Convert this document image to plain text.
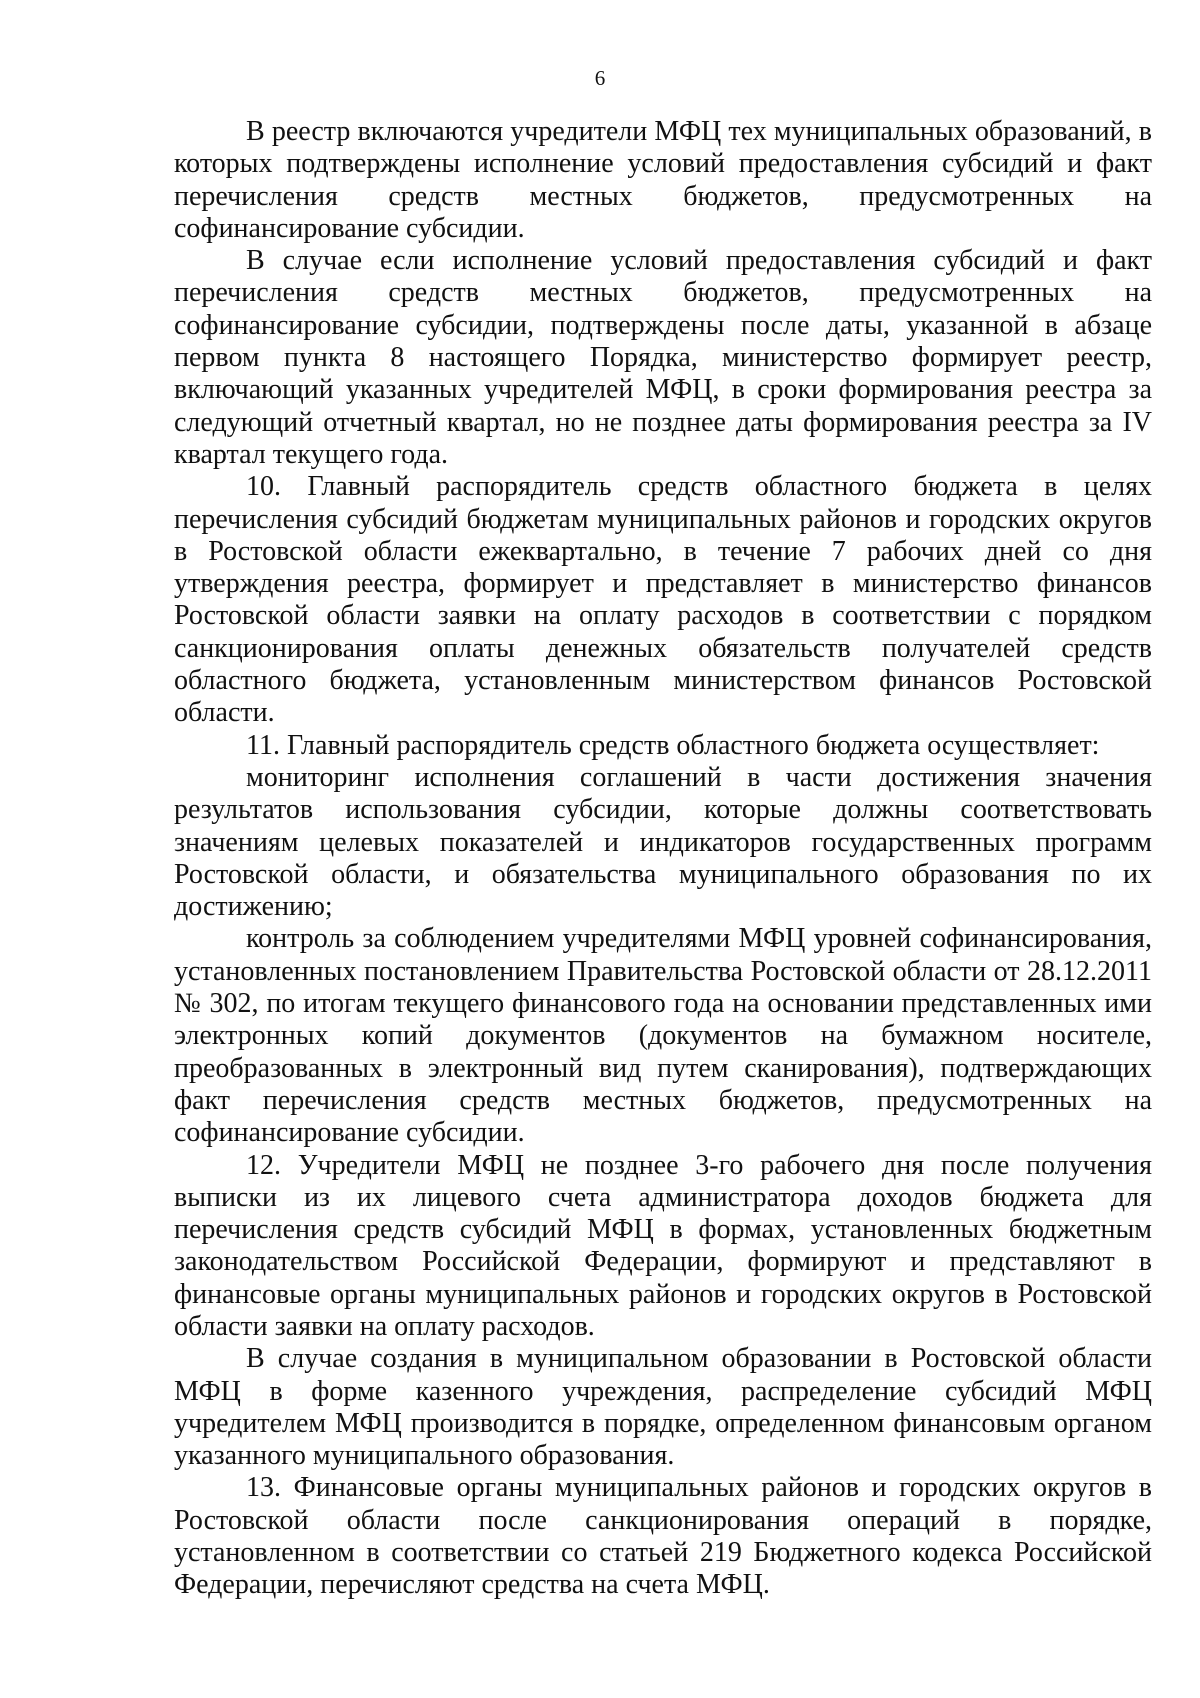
6

В реестр включаются учредители МФЦ тех муниципальных образований, в которых подтверждены исполнение условий предоставления субсидий и факт перечисления средств местных бюджетов, предусмотренных на софинансирование субсидии.

В случае если исполнение условий предоставления субсидий и факт перечисления средств местных бюджетов, предусмотренных на софинансирование субсидии, подтверждены после даты, указанной в абзаце первом пункта 8 настоящего Порядка, министерство формирует реестр, включающий указанных учредителей МФЦ, в сроки формирования реестра за следующий отчетный квартал, но не позднее даты формирования реестра за IV квартал текущего года.

10. Главный распорядитель средств областного бюджета в целях перечисления субсидий бюджетам муниципальных районов и городских округов в Ростовской области ежеквартально, в течение 7 рабочих дней со дня утверждения реестра, формирует и представляет в министерство финансов Ростовской области заявки на оплату расходов в соответствии с порядком санкционирования оплаты денежных обязательств получателей средств областного бюджета, установленным министерством финансов Ростовской области.

11. Главный распорядитель средств областного бюджета осуществляет:

мониторинг исполнения соглашений в части достижения значения результатов использования субсидии, которые должны соответствовать значениям целевых показателей и индикаторов государственных программ Ростовской области, и обязательства муниципального образования по их достижению;

контроль за соблюдением учредителями МФЦ уровней софинансирования, установленных постановлением Правительства Ростовской области от 28.12.2011 № 302, по итогам текущего финансового года на основании представленных ими электронных копий документов (документов на бумажном носителе, преобразованных в электронный вид путем сканирования), подтверждающих факт перечисления средств местных бюджетов, предусмотренных на софинансирование субсидии.

12. Учредители МФЦ не позднее 3-го рабочего дня после получения выписки из их лицевого счета администратора доходов бюджета для перечисления средств субсидий МФЦ в формах, установленных бюджетным законодательством Российской Федерации, формируют и представляют в финансовые органы муниципальных районов и городских округов в Ростовской области заявки на оплату расходов.

В случае создания в муниципальном образовании в Ростовской области МФЦ в форме казенного учреждения, распределение субсидий МФЦ учредителем МФЦ производится в порядке, определенном финансовым органом указанного муниципального образования.

13. Финансовые органы муниципальных районов и городских округов в Ростовской области после санкционирования операций в порядке, установленном в соответствии со статьей 219 Бюджетного кодекса Российской Федерации, перечисляют средства на счета МФЦ.
